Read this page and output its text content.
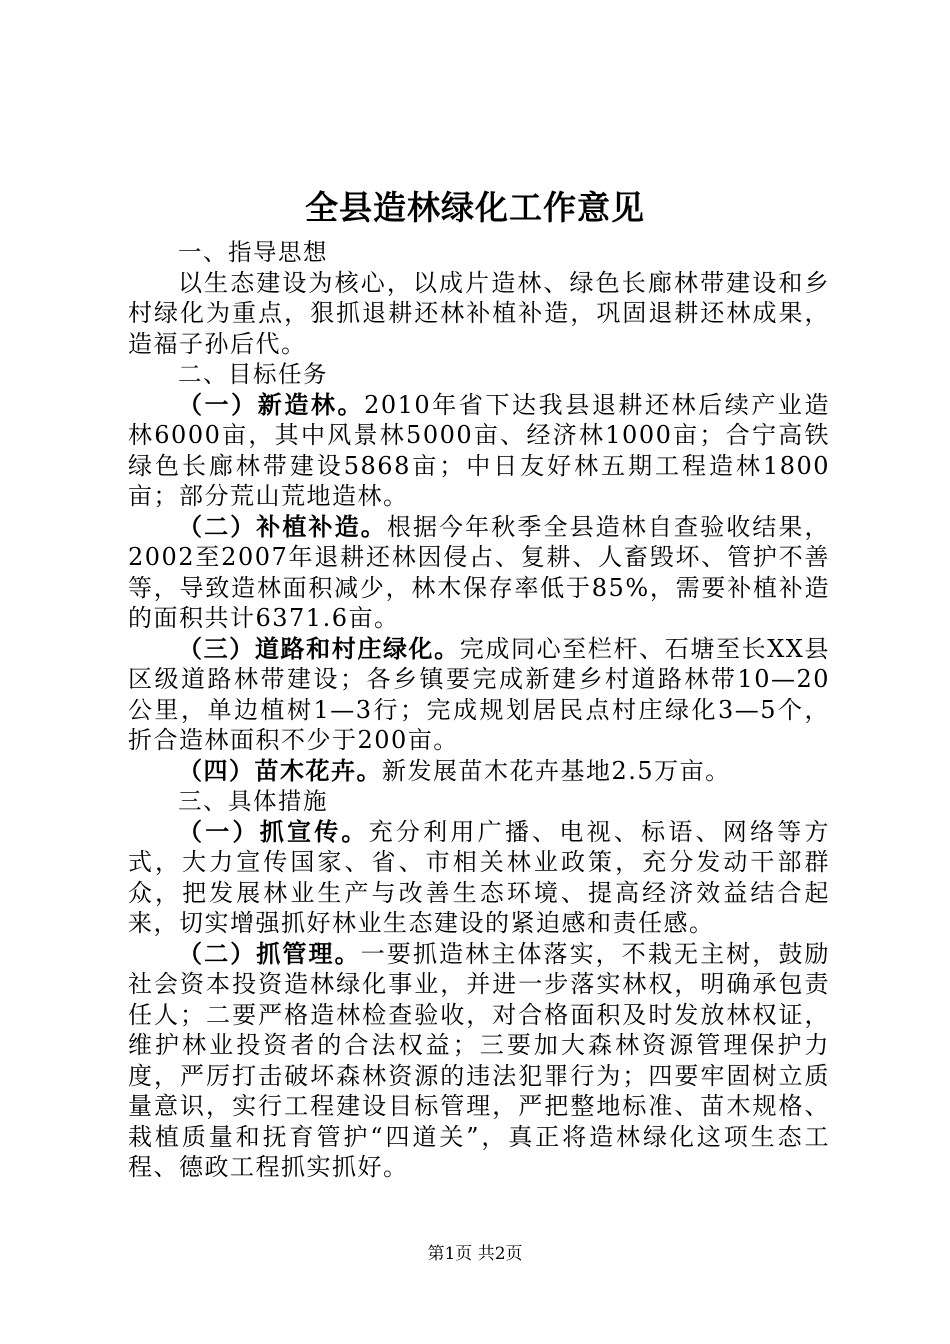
全县造林绿化工作意见

一、指导思想

以生态建设为核心，以成片造林、绿色长廊林带建设和乡村绿化为重点，狠抓退耕还林补植补造，巩固退耕还林成果，造福子孙后代。

二、目标任务

（一）新造林。2010年省下达我县退耕还林后续产业造林6000亩，其中风景林5000亩、经济林1000亩；合宁高铁绿色长廊林带建设5868亩；中日友好林五期工程造林1800亩；部分荒山荒地造林。

（二）补植补造。根据今年秋季全县造林自查验收结果，2002至2007年退耕还林因侵占、复耕、人畜毁坏、管护不善等，导致造林面积减少，林木保存率低于85%，需要补植补造的面积共计6371.6亩。

（三）道路和村庄绿化。完成同心至栏杆、石塘至长XX县区级道路林带建设；各乡镇要完成新建乡村道路林带10—20公里，单边植树1—3行；完成规划居民点村庄绿化3—5个，折合造林面积不少于200亩。

（四）苗木花卉。新发展苗木花卉基地2.5万亩。

三、具体措施

（一）抓宣传。充分利用广播、电视、标语、网络等方式，大力宣传国家、省、市相关林业政策，充分发动干部群众，把发展林业生产与改善生态环境、提高经济效益结合起来，切实增强抓好林业生态建设的紧迫感和责任感。

（二）抓管理。一要抓造林主体落实，不栽无主树，鼓励社会资本投资造林绿化事业，并进一步落实林权，明确承包责任人；二要严格造林检查验收，对合格面积及时发放林权证，维护林业投资者的合法权益；三要加大森林资源管理保护力度，严厉打击破坏森林资源的违法犯罪行为；四要牢固树立质量意识，实行工程建设目标管理，严把整地标准、苗木规格、栽植质量和抚育管护“四道关”，真正将造林绿化这项生态工程、德政工程抓实抓好。

第1页 共2页
